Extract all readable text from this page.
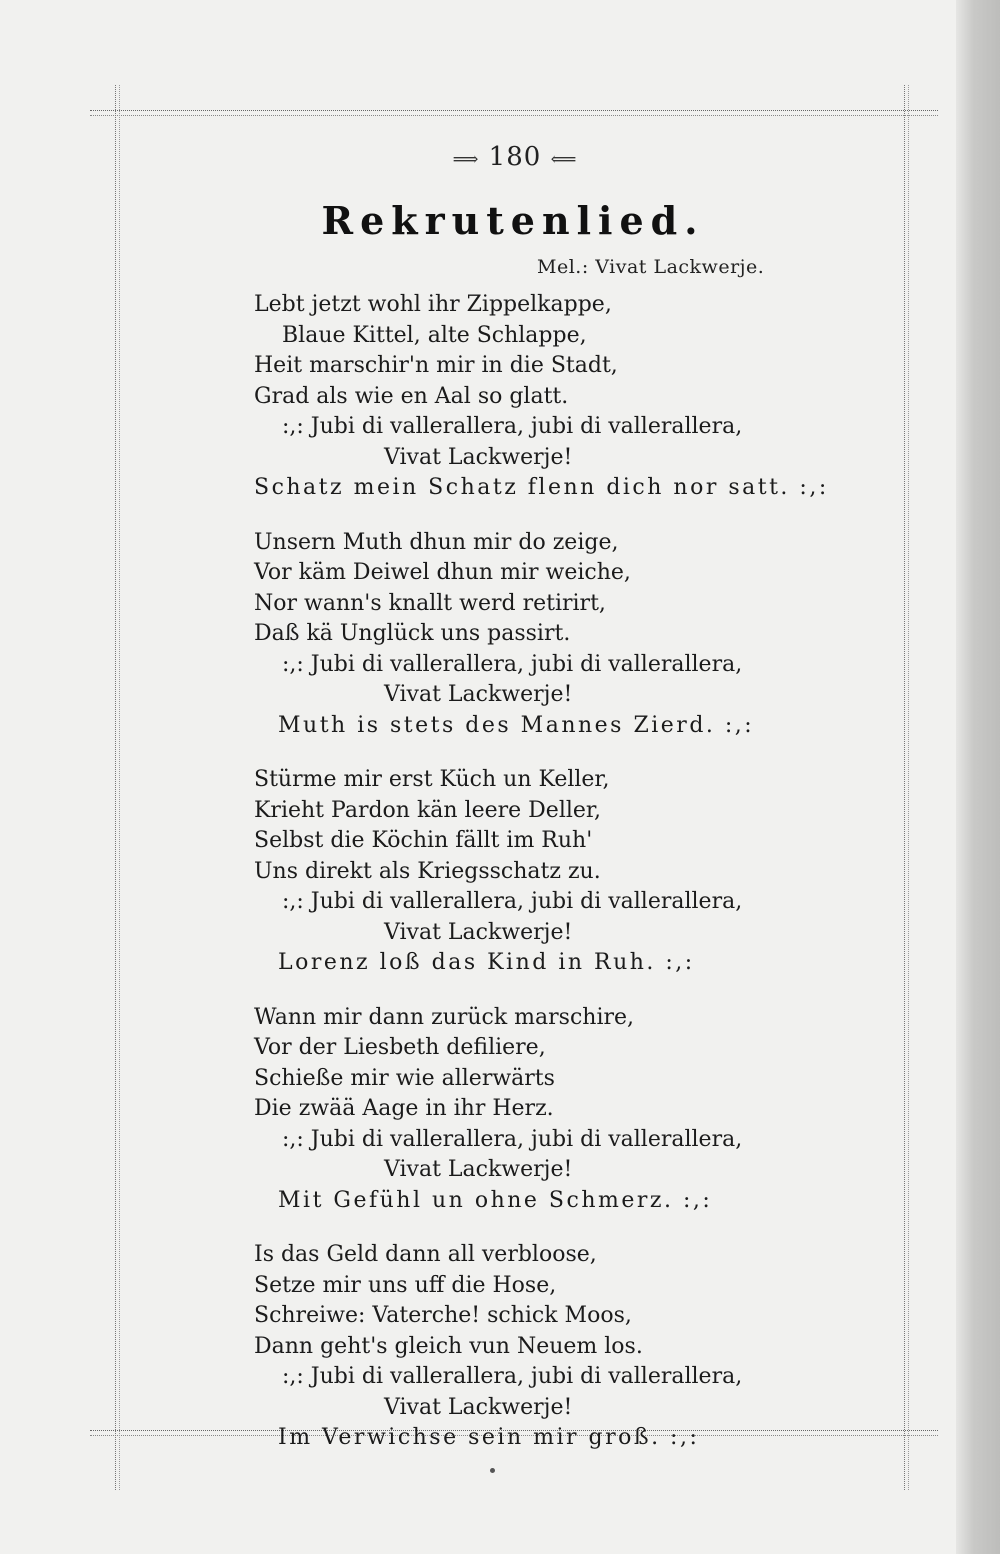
⟹ 180 ⟸
Rekrutenlied.
Mel.: Vivat Lackwerje.
Lebt jetzt wohl ihr Zippelkappe,
Blaue Kittel, alte Schlappe,
Heit marschir'n mir in die Stadt,
Grad als wie en Aal so glatt.
:,: Jubi di vallerallera, jubi di vallerallera,
Vivat Lackwerje!
Schatz mein Schatz flenn dich nor satt. :,:
Unsern Muth dhun mir do zeige,
Vor käm Deiwel dhun mir weiche,
Nor wann's knallt werd retirirt,
Daß kä Unglück uns passirt.
:,: Jubi di vallerallera, jubi di vallerallera,
Vivat Lackwerje!
Muth is stets des Mannes Zierd. :,:
Stürme mir erst Küch un Keller,
Krieht Pardon kän leere Deller,
Selbst die Köchin fällt im Ruh'
Uns direkt als Kriegsschatz zu.
:,: Jubi di vallerallera, jubi di vallerallera,
Vivat Lackwerje!
Lorenz loß das Kind in Ruh. :,:
Wann mir dann zurück marschire,
Vor der Liesbeth defiliere,
Schieße mir wie allerwärts
Die zwää Aage in ihr Herz.
:,: Jubi di vallerallera, jubi di vallerallera,
Vivat Lackwerje!
Mit Gefühl un ohne Schmerz. :,:
Is das Geld dann all verbloose,
Setze mir uns uff die Hose,
Schreiwe: Vaterche! schick Moos,
Dann geht's gleich vun Neuem los.
:,: Jubi di vallerallera, jubi di vallerallera,
Vivat Lackwerje!
Im Verwichse sein mir groß. :,:
